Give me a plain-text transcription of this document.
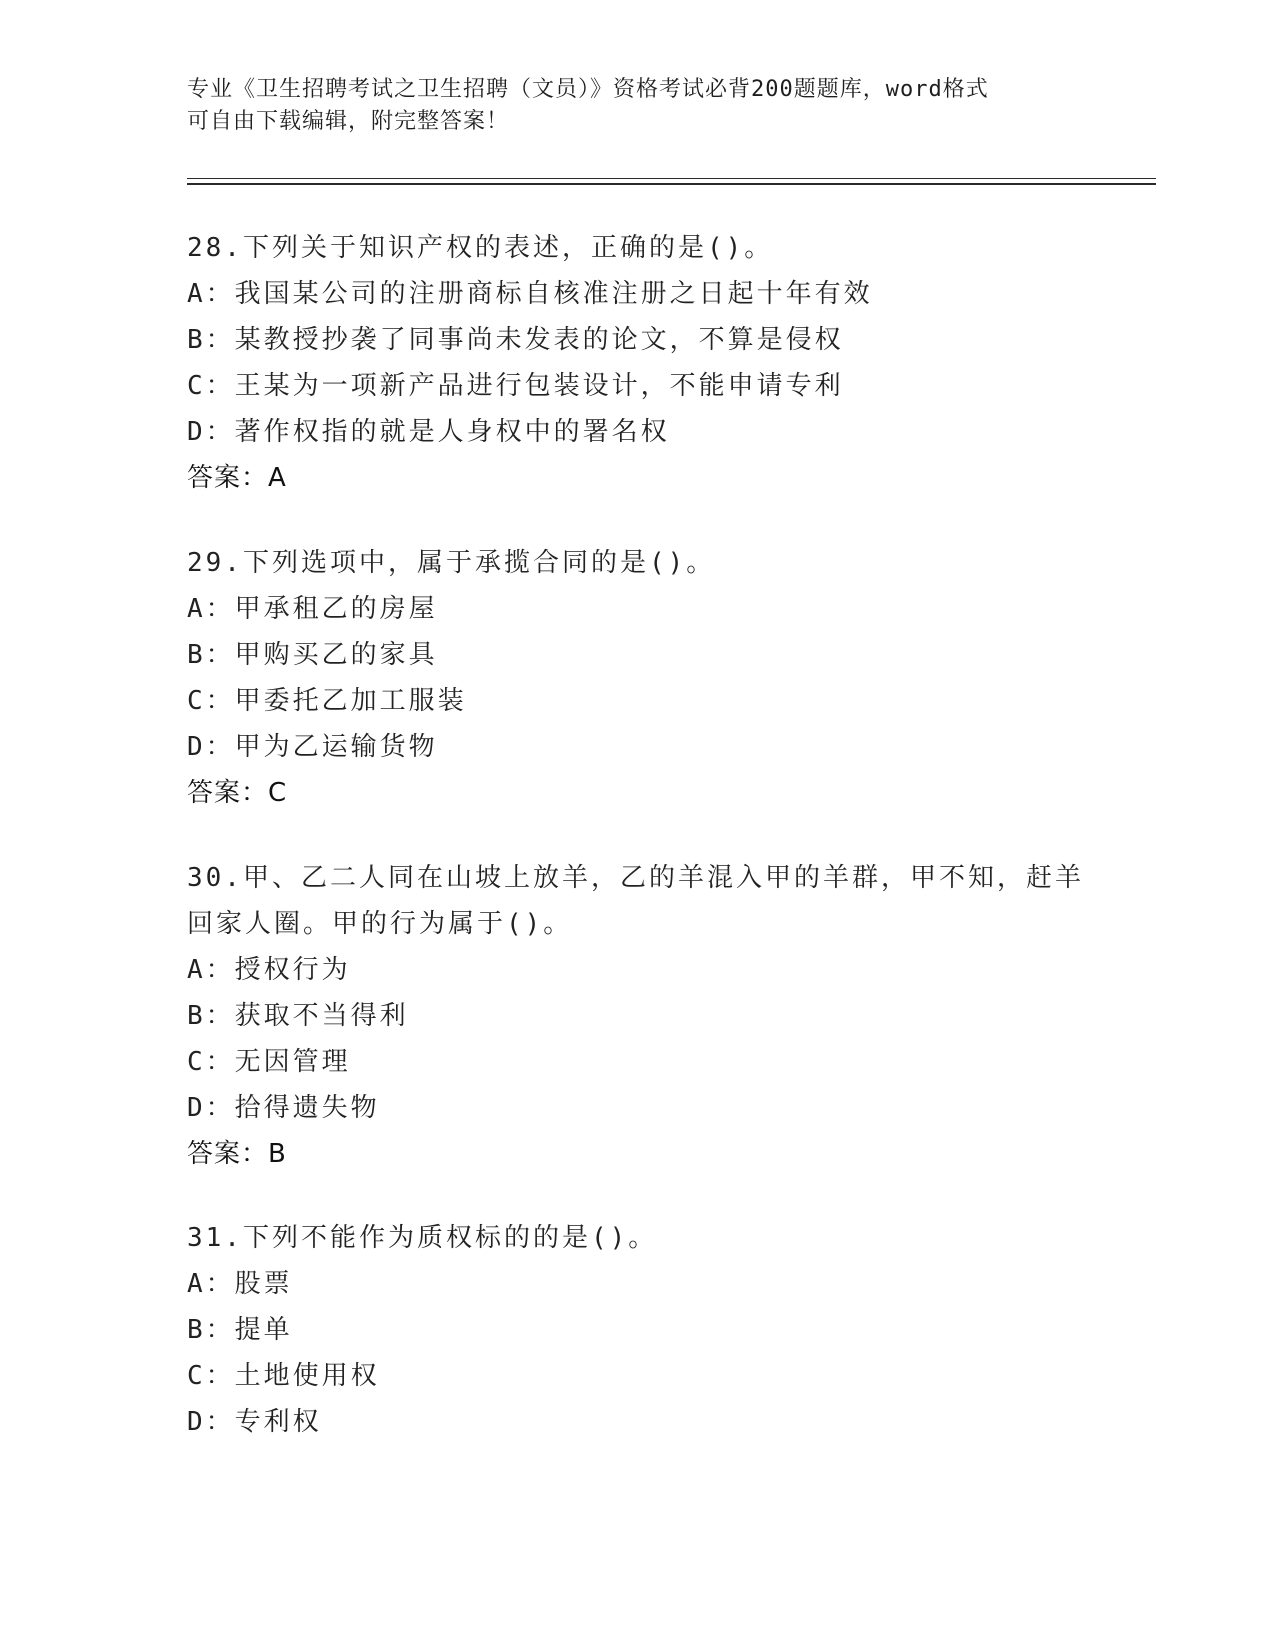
专业《卫生招聘考试之卫生招聘（文员）》资格考试必背200题题库，word格式
可自由下载编辑，附完整答案！
28.下列关于知识产权的表述，正确的是()。
A：我国某公司的注册商标自核准注册之日起十年有效
B：某教授抄袭了同事尚未发表的论文，不算是侵权
C：王某为一项新产品进行包装设计，不能申请专利
D：著作权指的就是人身权中的署名权
答案：A
29.下列选项中，属于承揽合同的是()。
A：甲承租乙的房屋
B：甲购买乙的家具
C：甲委托乙加工服装
D：甲为乙运输货物
答案：C
30.甲、乙二人同在山坡上放羊，乙的羊混入甲的羊群，甲不知，赶羊
回家人圈。甲的行为属于()。
A：授权行为
B：获取不当得利
C：无因管理
D：拾得遗失物
答案：B
31.下列不能作为质权标的的是()。
A：股票
B：提单
C：土地使用权
D：专利权
